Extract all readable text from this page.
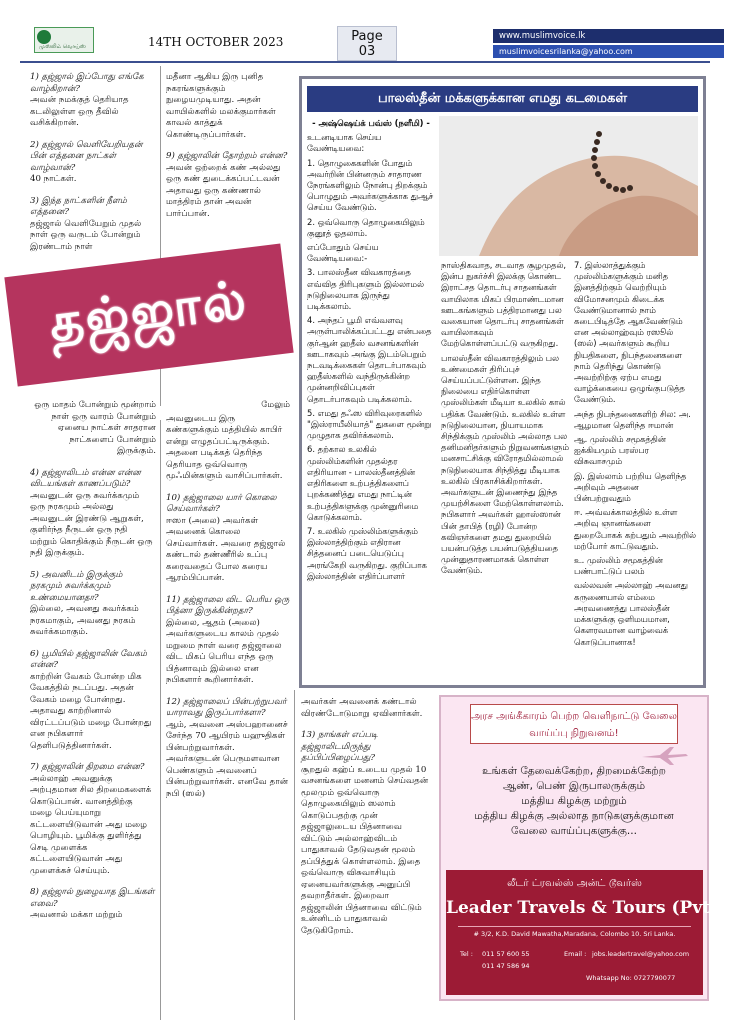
முஸ்லிம் வொய்ஸ்	14TH OCTOBER 2023	Page
03
www.muslimvoice.lk
muslimvoicesrilanka@yahoo.com

1) தஜ்ஜால் இப்போது எங்கே வாழ்கிறான்?
அவன் நமக்குத் தெரியாத கடலிலுள்ள ஒரு தீவில் வசிக்கிறான்.

2) தஜ்ஜால் வெளியேறியதன் பின் எத்தனை நாட்கள் வாழ்வான்?
40 நாட்கள்.

3) இந்த நாட்களின் நீளம் எத்தனை?
தஜ்ஜால் வெளியேறும் முதல் நாள் ஒரு வருடம் போன்றும் இரண்டாம் நாள்

மதீனா ஆகிய இரு புனித நகரங்களுக்கும் நுழையமுடியாது. அதன் வாயில்களில் மலக்குமார்கள் காவல் காத்துக் கொண்டிருப்பார்கள்.

9) தஜ்ஜாலின் தோற்றம் என்ன?
அவன் ஒற்றைக் கண் அல்லது ஒரு கண் துடைக்கப்பட்டவன் அதாவது ஒரு கண்ணால் மாத்திரம் தான் அவன் பார்ப்பான்.

தஜ்ஜால்

ஒரு மாதம் போன்றும் மூன்றாம் நாள் ஒரு வாரம் போன்றும் ஏனைய நாட்கள் சாதரான நாட்களைப் போன்றும் இருக்கும்.

4) தஜ்ஜாலிடம் என்ன என்ன விடயங்கள் காணப்படும்?
அவனுடன் ஒரு சுவர்க்கமும் ஒரு நரகமும் அல்லது அவனுடன் இரண்டு ஆறுகள், குளிர்ந்த நீருடன் ஒரு நதி மற்றும் கொதிக்கும் நீருடன் ஒரு நதி இருக்கும்.

5) அவனிடம் இருக்கும் நரகமும் சுவர்க்கமும் உண்மையானதா?
இல்லை, அவனது சுவர்க்கம் நரகமாகும், அவனது நரகம் சுவர்க்கமாகும்.

6) பூமியில் தஜ்ஜாலின் வேகம் என்ன?
காற்றின் வேகம் போன்ற மிக வேகத்தில் நடப்பது. அதன் வேகம் மழை போன்றது. அதாவது காற்றினால் விரட்டப்படும் மழை போன்றது என நபிகளார் தெளிபடுத்தினார்கள்.

7) தஜ்ஜாலின் திறமை என்ன?
அல்லாஹ் அவனுக்கு அற்புதமான சில திறமைகளைக் கொடுப்பான். வானத்திற்கு மழை பெய்யுமாறு கட்டளையிடுவான் அது மழை பொழியும். பூமிக்கு துளிர்த்து செடி முளைக்க கட்டளையிடுவான் அது முளைக்கச் செய்யும்.

8) தஜ்ஜால் நுழையாத இடங்கள் எவை?
அவனால் மக்கா மற்றும்

மேலும்

அவனுடைய இரு கண்களுக்கும் மத்தியில் காபிர் என்று எழுதப்பட்டிருக்கும். அதனை படிக்கத் தெரிந்த தெரியாத ஒவ்வொரு மூஃமின்களும் வாசிப்பார்கள்.

10) தஜ்ஜாலை யார் கொலை செய்வார்கள்?
ஈஸா (அலை) அவர்கள் அவனைக் கொலை செய்வார்கள். அவரை தஜ்ஜால் கண்டால் தண்ணீரில் உப்பு கரைவதைப் போல கரைய ஆரம்பிப்பான்.

11) தஜ்ஜாலை விட பெரிய ஒரு பித்னா இருக்கின்றதா?
இல்லை, ஆதம் (அலை) அவர்களுடைய காலம் முதல் மறுமை நாள் வரை தஜ்ஜாலை விட மிகப் பெரிய எந்த ஒரு பித்னாவும் இல்லை என நபிகளார் கூறினார்கள்.

12) தஜ்ஜாலைப் பின்பற்றுபவர் யாராவது இருப்பார்களா?
ஆம், அவனை அஸ்பஹானைச் சேர்ந்த 70 ஆயிரம் யஹுதிகள் பின்பற்றுவார்கள். அவர்களுடன் பெருமளவான பெண்களும் அவனைப் பின்பற்றுவார்கள். எனவே தான் நபி (ஸல்)

அவர்கள் அவனைக் கண்டால் விரண்டோடுமாறு ஏவினார்கள்.

13) நாங்கள் எப்படி தஜ்ஜாலிடமிருந்து தப்பிப்பிழைப்பது?
சூறதுல் கஹ்ப் உடைய முதல் 10 வசனங்களை மனனம் செய்வதன் மூலமும் ஒவ்வொரு தொழுகையிலும் ஸலாம் கொடுப்பதற்கு முன் தஜ்ஜாலுடைய பித்னாவை விட்டும் அல்லாஹ்விடம் பாதுகாவல் தேடுவதன் மூலம் தப்பித்துக் கொள்ளலாம். இதை ஒவ்வொரு விசுவாசியும் ஏனையவர்களுக்கு அனுப்பி தவறாதீர்கள். இறைவா தஜ்ஜாலின் பித்னாவை விட்டும் உன்னிடம் பாதுகாவல் தேடுகிறோம்.

பாலஸ்தீன் மக்களுக்கான எமது கடமைகள்

- அஷ்ஷெய்க் பவ்ஸ் (நளீமி) -

உடனடியாக செய்ய வேண்டியவை:

1. தொழுகைகளின் போதும் அவர்றின் பின்னரும் சாதாரண நேரங்களிலும் நோன்பு திறக்கும் பொழுதும் அவர்களுக்காக துஆச் செய்ய வேண்டும்.

2. ஒவ்வொரு தொழுகையிலும் குனூத் ஓதலாம்.

எப்போதும் செய்ய வேண்டியவை:-

3. பாலஸ்தீன விவகாரத்தை எவ்வித திரிபுகளும் இல்லாமல் நடுநிலையாக இருந்து படிக்கலாம்.

4. அந்தப் பூமி எவ்வளவு அருள்பாலிக்கப்பட்டது என்பதை குர்ஆன் ஹதீஸ் வசனங்களின் ஊடாகவும் அங்கு இடம்பெறும் நடவடிக்கைகள் தொடர்பாகவும் ஹதீஸ்களில் வந்திருக்கின்ற முன்னறிவிப்புகள் தொடர்பாகவும் படிக்கலாம்.

5. எமது தஃஸ விரிவுரைகளில் "இஸ்ராயீலியாத்" துகளை மூன்று முழுதாக தவிர்க்கலாம்.

6. தற்கால உலகில் முஸ்லிம்களின் முதல்தர எதிரியான - பாலஸ்தீனத்தின் எதிரிகளை உற்பத்திகளைப் புறக்கணித்து எமது நாட்டின் உற்பத்திகளுக்கு முன்னுரிமை கொடுக்கலாம்.

7. உலகில் முஸ்லிம்களுக்கும் இஸ்லாத்திற்கும் எதிரான சித்தனைப் படையெடுப்பு அரங்கேறி வருகிறது. குறிப்பாக இஸ்லாத்தின் எதிர்ப்பாளர்

நாஸ்திகவாத, சடவாத சூழமுதல், இன்ப நுகர்ச்சி இலக்கு கொண்ட இராட்சத தொடர்பு சாதனங்கள் வாயிலாக மிகப் பிரமாண்டமான ஊடகங்களும் பத்திரமானது பல வகையான தொடர்பு சாதனங்கள் வாயிலாகவும் மேற்கொள்ளப்பட்டு வருகிறது.

பாலஸ்தீன் விவகாரத்திலும் பல உண்மைகள் திரிப்புச் செய்யப்பட்டுள்ளன. இந்த நிலையை எதிர்கொள்ள முஸ்லிம்கள் மீடியா உலகில் கால் பதிக்க வேண்டும். உலகில் உள்ள நடுநிலையான, நியாயமாக சிந்திக்கும் முஸ்லிம் அல்லாத பல தனிமனிதர்களும் நிறுவனங்களும் மனசாட்சிக்கு விரோதமில்லாமல் நடுநிலையாக சிந்தித்து மீடியாக உலகில் பிரகாசிக்கிறார்கள். அவர்களுடன் இணைந்து இந்த முயற்சிகளை மேற்கொள்ளலாம். நபிகளார் அவர்கள் ஹாஸ்ஸான் பின் தாபித் (ரழி) போன்ற கவிஞர்களை தமது துறையில் பயன்படுத்த பயன்படுத்தியதை முன்னுதாரணமாகக் கொள்ள வேண்டும்.

7. இஸ்லாத்துக்கும் முஸ்லிம்களுக்கும் மனித இனத்திற்கும் வெற்றியும் விமோசனமும் கிடைக்க வேண்டுமானால் நாம் கடைபிடித்தே ஆகவேண்டும் என அல்லாஹ்வும் ரஸூல் (ஸல்) அவர்களும் கூறிய நியதிகளை, நிபந்தனைகளை நாம் தெரிந்து கொண்டு அவற்றிற்கு ஏற்ப எமது வாழ்க்கையை ஒழுங்குபடுத்த வேண்டும்.

அந்த நிபந்தனைகளிற் சில: அ. ஆழமான தெளிந்த ஈமான்

ஆ. முஸ்லிம் சமூகத்தின் ஐக்கியமும் பரஸ்பர விசுவாசமும்

இ. இஸ்லாம் பற்றிய தெளிந்த அறிவும் அதனை பின்பற்றுவதும்

ஈ. அவ்வக்காலத்தில் உள்ள அறிவு ஞானங்களை துறைபோகக் கற்பதும் அவற்றில் மற்போர் காட்டுவதும்.

உ. முஸ்லிம் சமூகத்தின் பண்பாட்டுப் பலம்

வல்லவன் அல்லாஹ் அவனது கருணையால் எம்மை அரவணைத்து பாலஸ்தீன் மக்களுக்கு ஒளிமயமான, கௌரவமான வாழ்வைக் கொடுப்பானாக!

அரச அங்கீகாரம் பெற்ற வெளிநாட்டு வேலை வாய்ப்பு நிறுவனம்!
உங்கள் தேவைக்கேற்ற, திறமைக்கேற்ற
ஆண், பெண் இருபாலருக்கும்
மத்திய கிழக்கு மற்றும்
மத்திய கிழக்கு அல்லாத நாடுகளுக்குமான
வேலை வாய்ப்புகளுக்கு...
லீடர் ட்ரவல்ஸ் அன்ட் டூவர்ஸ்
Leader Travels & Tours (Pvt) Ltd
# 3/2, K.D. David Mawatha,Maradana, Colombo 10. Sri Lanka.
Tel : 011 57 600 55
011 47 586 94
Email : jobs.leadertravel@yahoo.com
Whatsapp No: 0727790077
